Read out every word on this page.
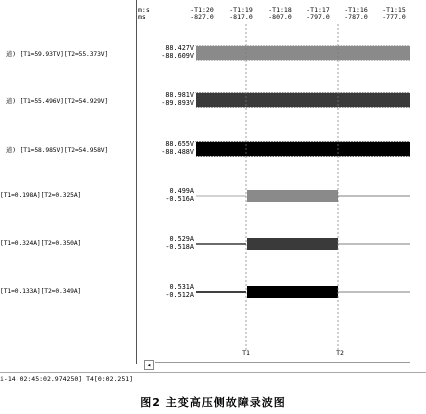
m:s
ms
-T1:20
-827.0
-T1:19
-817.0
-T1:18
-807.0
-T1:17
-797.0
-T1:16
-787.0
-T1:15
-777.0
道) [T1=59.93TV][T2=55.373V]
道) [T1=55.496V][T2=54.929V]
道) [T1=58.985V][T2=54.958V]
[T1=0.198A][T2=0.325A]
[T1=0.324A][T2=0.350A]
[T1=0.133A][T2=0.349A]
88.427V
-88.609V
88.981V
-89.893V
88.655V
-88.488V
0.499A
-0.516A
0.529A
-0.518A
0.531A
-0.512A
T1	T2
◂
i-14 02:45:02.974250] T4[0:02.251]
图2 主变高压侧故障录波图
